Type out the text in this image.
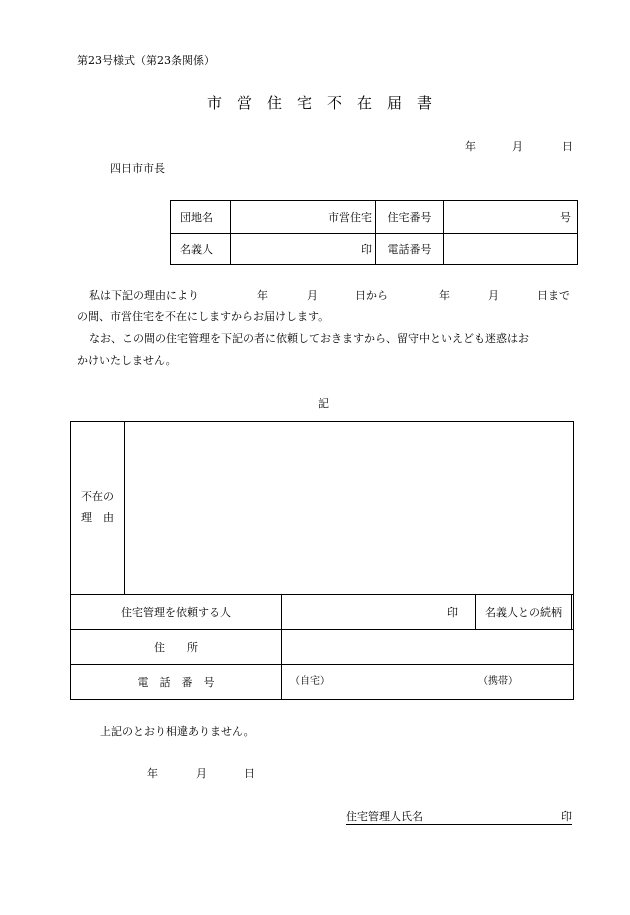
第23号様式（第23条関係）
市　営　住　宅　不　在　届　書
年	月	日
四日市市長
団地名	市営住宅	住宅番号	号
名義人	印	電話番号	
私は下記の理由により	年	月	日から	年	月	日まで
の間、市営住宅を不在にしますからお届けします。
なお、この間の住宅管理を下記の者に依頼しておきますから、留守中といえども迷惑はお
かけいたしません。
記
不在の
理　由				

住宅管理を依頼する人		印	名義人との続柄	
住　　所				
電　話　番　号		（自宅） （携帯）		
上記のとおり相違ありません。
年	月	日
住宅管理人氏名	印
